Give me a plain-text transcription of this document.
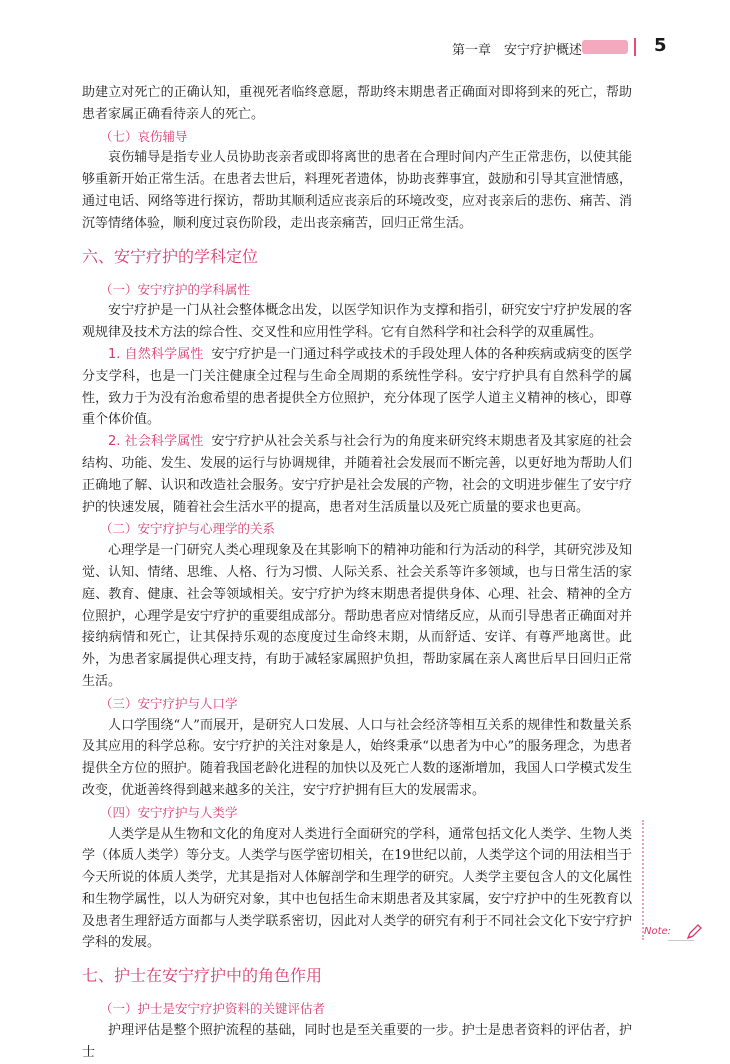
第一章　安宁疗护概述	5

助建立对死亡的正确认知，重视死者临终意愿，帮助终末期患者正确面对即将到来的死亡，帮助患者家属正确看待亲人的死亡。

（七）哀伤辅导

哀伤辅导是指专业人员协助丧亲者或即将离世的患者在合理时间内产生正常悲伤，以使其能够重新开始正常生活。在患者去世后，料理死者遗体，协助丧葬事宜，鼓励和引导其宣泄情感，通过电话、网络等进行探访，帮助其顺利适应丧亲后的环境改变，应对丧亲后的悲伤、痛苦、消沉等情绪体验，顺利度过哀伤阶段，走出丧亲痛苦，回归正常生活。

六、安宁疗护的学科定位
（一）安宁疗护的学科属性

安宁疗护是一门从社会整体概念出发，以医学知识作为支撑和指引，研究安宁疗护发展的客观规律及技术方法的综合性、交叉性和应用性学科。它有自然科学和社会科学的双重属性。

1. 自然科学属性 安宁疗护是一门通过科学或技术的手段处理人体的各种疾病或病变的医学分支学科，也是一门关注健康全过程与生命全周期的系统性学科。安宁疗护具有自然科学的属性，致力于为没有治愈希望的患者提供全方位照护，充分体现了医学人道主义精神的核心，即尊重个体价值。

2. 社会科学属性 安宁疗护从社会关系与社会行为的角度来研究终末期患者及其家庭的社会结构、功能、发生、发展的运行与协调规律，并随着社会发展而不断完善，以更好地为帮助人们正确地了解、认识和改造社会服务。安宁疗护是社会发展的产物，社会的文明进步催生了安宁疗护的快速发展，随着社会生活水平的提高，患者对生活质量以及死亡质量的要求也更高。

（二）安宁疗护与心理学的关系

心理学是一门研究人类心理现象及在其影响下的精神功能和行为活动的科学，其研究涉及知觉、认知、情绪、思维、人格、行为习惯、人际关系、社会关系等许多领域，也与日常生活的家庭、教育、健康、社会等领域相关。安宁疗护为终末期患者提供身体、心理、社会、精神的全方位照护，心理学是安宁疗护的重要组成部分。帮助患者应对情绪反应，从而引导患者正确面对并接纳病情和死亡，让其保持乐观的态度度过生命终末期，从而舒适、安详、有尊严地离世。此外，为患者家属提供心理支持，有助于减轻家属照护负担，帮助家属在亲人离世后早日回归正常生活。

（三）安宁疗护与人口学

人口学围绕“人”而展开，是研究人口发展、人口与社会经济等相互关系的规律性和数量关系及其应用的科学总称。安宁疗护的关注对象是人，始终秉承“以患者为中心”的服务理念，为患者提供全方位的照护。随着我国老龄化进程的加快以及死亡人数的逐渐增加，我国人口学模式发生改变，优逝善终得到越来越多的关注，安宁疗护拥有巨大的发展需求。

（四）安宁疗护与人类学

人类学是从生物和文化的角度对人类进行全面研究的学科，通常包括文化人类学、生物人类学（体质人类学）等分支。人类学与医学密切相关，在19世纪以前，人类学这个词的用法相当于今天所说的体质人类学，尤其是指对人体解剖学和生理学的研究。人类学主要包含人的文化属性和生物学属性，以人为研究对象，其中也包括生命末期患者及其家属，安宁疗护中的生死教育以及患者生理舒适方面都与人类学联系密切，因此对人类学的研究有利于不同社会文化下安宁疗护学科的发展。

七、护士在安宁疗护中的角色作用
（一）护士是安宁疗护资料的关键评估者

护理评估是整个照护流程的基础，同时也是至关重要的一步。护士是患者资料的评估者，护士

Note:
